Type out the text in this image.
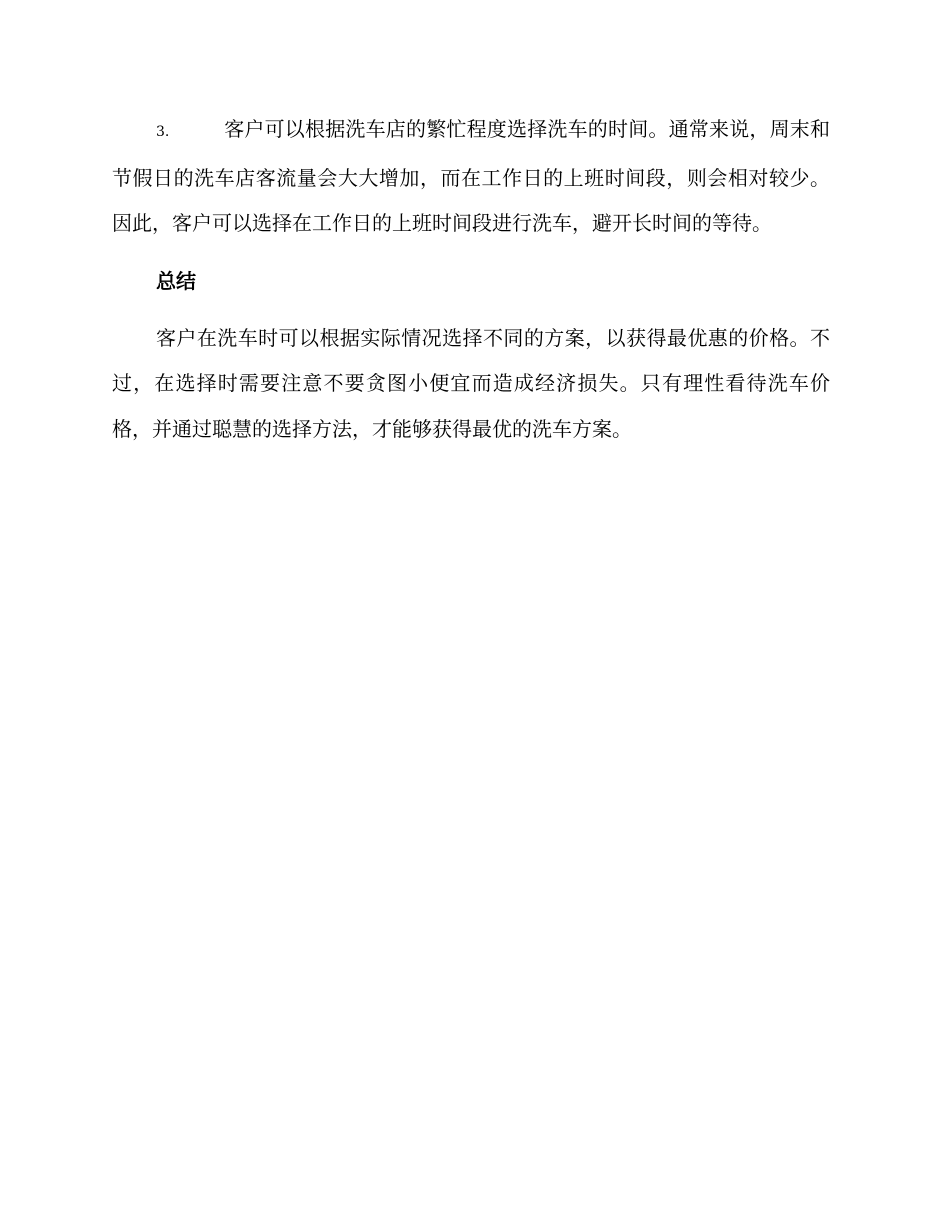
3.	客户可以根据洗车店的繁忙程度选择洗车的时间。通常来说，周末和节假日的洗车店客流量会大大增加，而在工作日的上班时间段，则会相对较少。因此，客户可以选择在工作日的上班时间段进行洗车，避开长时间的等待。

总结

客户在洗车时可以根据实际情况选择不同的方案，以获得最优惠的价格。不过，在选择时需要注意不要贪图小便宜而造成经济损失。只有理性看待洗车价格，并通过聪慧的选择方法，才能够获得最优的洗车方案。
